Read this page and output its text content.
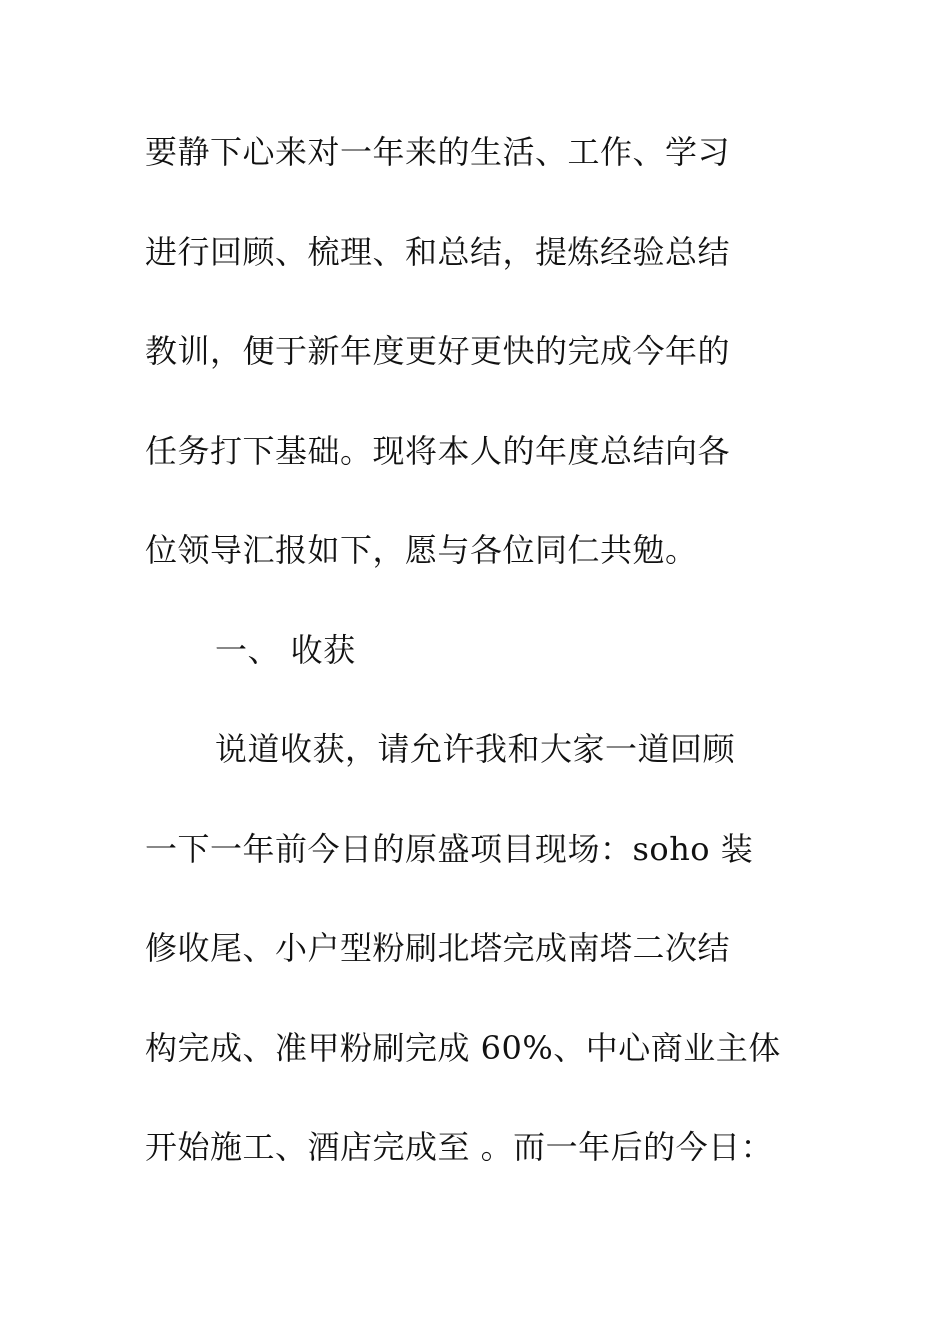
要静下心来对一年来的生活、工作、学习
进行回顾、梳理、和总结，提炼经验总结
教训，便于新年度更好更快的完成今年的
任务打下基础。现将本人的年度总结向各
位领导汇报如下，愿与各位同仁共勉。
一、 收获
说道收获，请允许我和大家一道回顾
一下一年前今日的原盛项目现场：soho 装
修收尾、小户型粉刷北塔完成南塔二次结
构完成、准甲粉刷完成 60%、中心商业主体
开始施工、酒店完成至 。而一年后的今日：
